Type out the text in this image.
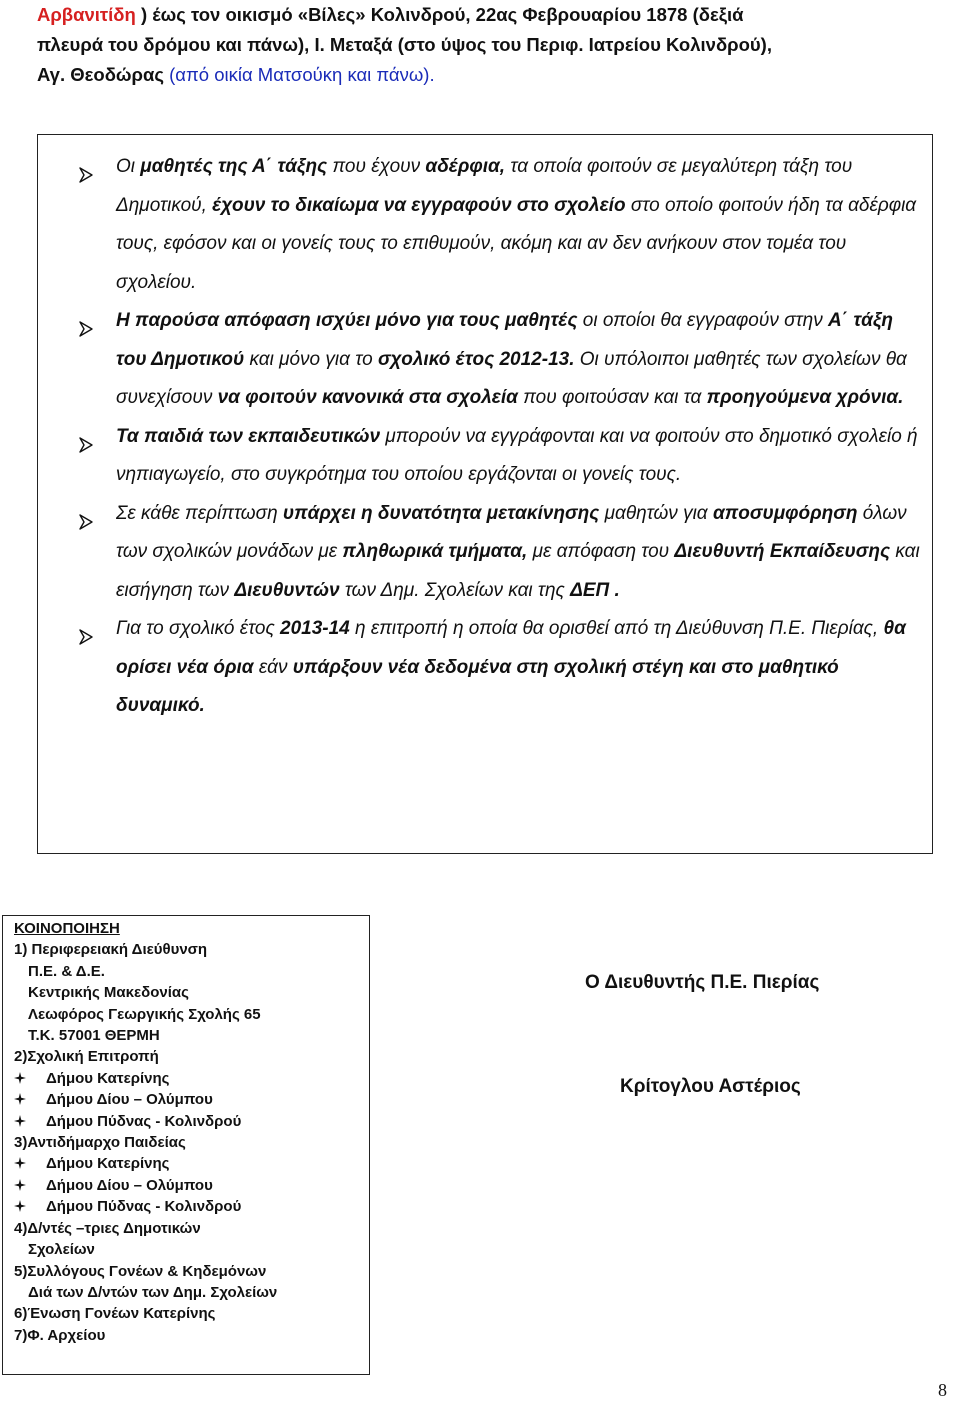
Αρβανιτίδη ) έως τον οικισμό «Βίλες» Κολινδρού, 22ας Φεβρουαρίου 1878 (δεξιά
πλευρά του δρόμου και πάνω), Ι. Μεταξά (στο ύψος του Περιφ. Ιατρείου Κολινδρού),
Αγ. Θεοδώρας (από οικία Ματσούκη και πάνω).
Οι μαθητές της Α΄ τάξης που έχουν αδέρφια, τα οποία φοιτούν σε μεγαλύτερη τάξη του Δημοτικού, έχουν το δικαίωμα να εγγραφούν στο σχολείο στο οποίο φοιτούν ήδη τα αδέρφια τους, εφόσον και οι γονείς τους το επιθυμούν, ακόμη και αν δεν ανήκουν στον τομέα του σχολείου.
Η παρούσα απόφαση ισχύει μόνο για τους μαθητές οι οποίοι θα εγγραφούν στην Α΄ τάξη του Δημοτικού και μόνο για το σχολικό έτος 2012-13. Οι υπόλοιποι μαθητές των σχολείων θα συνεχίσουν να φοιτούν κανονικά στα σχολεία που φοιτούσαν και τα προηγούμενα χρόνια.
Τα παιδιά των εκπαιδευτικών μπορούν να εγγράφονται και να φοιτούν στο δημοτικό σχολείο ή νηπιαγωγείο, στο συγκρότημα του οποίου εργάζονται οι γονείς τους.
Σε κάθε περίπτωση υπάρχει η δυνατότητα μετακίνησης μαθητών για αποσυμφόρηση όλων των σχολικών μονάδων με πληθωρικά τμήματα, με απόφαση του Διευθυντή Εκπαίδευσης και εισήγηση των Διευθυντών των Δημ. Σχολείων και της ΔΕΠ .
Για το σχολικό έτος 2013-14 η επιτροπή η οποία θα ορισθεί από τη Διεύθυνση Π.Ε. Πιερίας, θα ορίσει νέα όρια εάν υπάρξουν νέα δεδομένα στη σχολική στέγη και στο μαθητικό δυναμικό.
ΚΟΙΝΟΠΟΙΗΣΗ
1) Περιφερειακή Διεύθυνση
Π.Ε. & Δ.Ε.
Κεντρικής Μακεδονίας
Λεωφόρος Γεωργικής Σχολής 65
Τ.Κ. 57001 ΘΕΡΜΗ
2)Σχολική Επιτροπή
Δήμου Κατερίνης
Δήμου Δίου – Ολύμπου
Δήμου Πύδνας - Κολινδρού
3)Αντιδήμαρχο Παιδείας
Δήμου Κατερίνης
Δήμου Δίου – Ολύμπου
Δήμου Πύδνας - Κολινδρού
4)Δ/ντές –τριες Δημοτικών
Σχολείων
5)Συλλόγους Γονέων & Κηδεμόνων
Διά των Δ/ντών των Δημ. Σχολείων
6)Ένωση Γονέων Κατερίνης
7)Φ. Αρχείου
Ο Διευθυντής Π.Ε. Πιερίας
Κρίτογλου Αστέριος
8
